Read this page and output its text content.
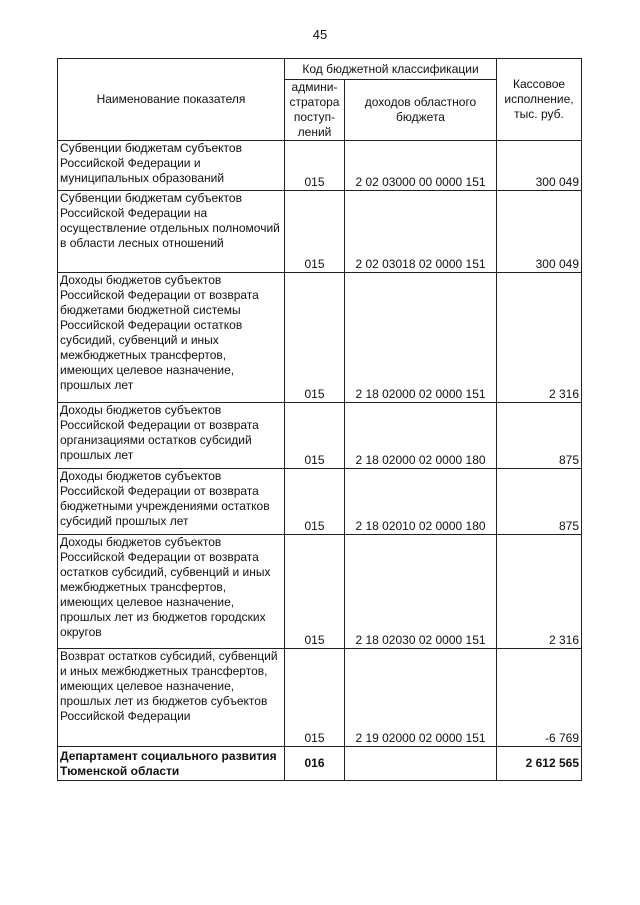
45
Наименование показателя	Код бюджетной классификации		Кассовое исполнение, тыс. руб.
	админи-стратора поступ-лений	доходов областного бюджета	
Субвенции бюджетам субъектов Российской Федерации и муниципальных образований	015	2 02 03000 00 0000 151	300 049
Субвенции бюджетам субъектов Российской Федерации на осуществление отдельных полномочий в области лесных отношений	015	2 02 03018 02 0000 151	300 049
Доходы бюджетов субъектов Российской Федерации от возврата бюджетами бюджетной системы Российской Федерации остатков субсидий, субвенций и иных межбюджетных трансфертов, имеющих целевое назначение, прошлых лет	015	2 18 02000 02 0000 151	2 316
Доходы бюджетов субъектов Российской Федерации от возврата организациями остатков субсидий прошлых лет	015	2 18 02000 02 0000 180	875
Доходы бюджетов субъектов Российской Федерации от возврата бюджетными учреждениями остатков субсидий прошлых лет	015	2 18 02010 02 0000 180	875
Доходы бюджетов субъектов Российской Федерации от возврата остатков субсидий, субвенций и иных межбюджетных трансфертов, имеющих целевое назначение, прошлых лет из бюджетов городских округов	015	2 18 02030 02 0000 151	2 316
Возврат остатков субсидий, субвенций и иных межбюджетных трансфертов, имеющих целевое назначение, прошлых лет из бюджетов субъектов Российской Федерации	015	2 19 02000 02 0000 151	-6 769
Департамент социального развития Тюменской области	016		2 612 565
